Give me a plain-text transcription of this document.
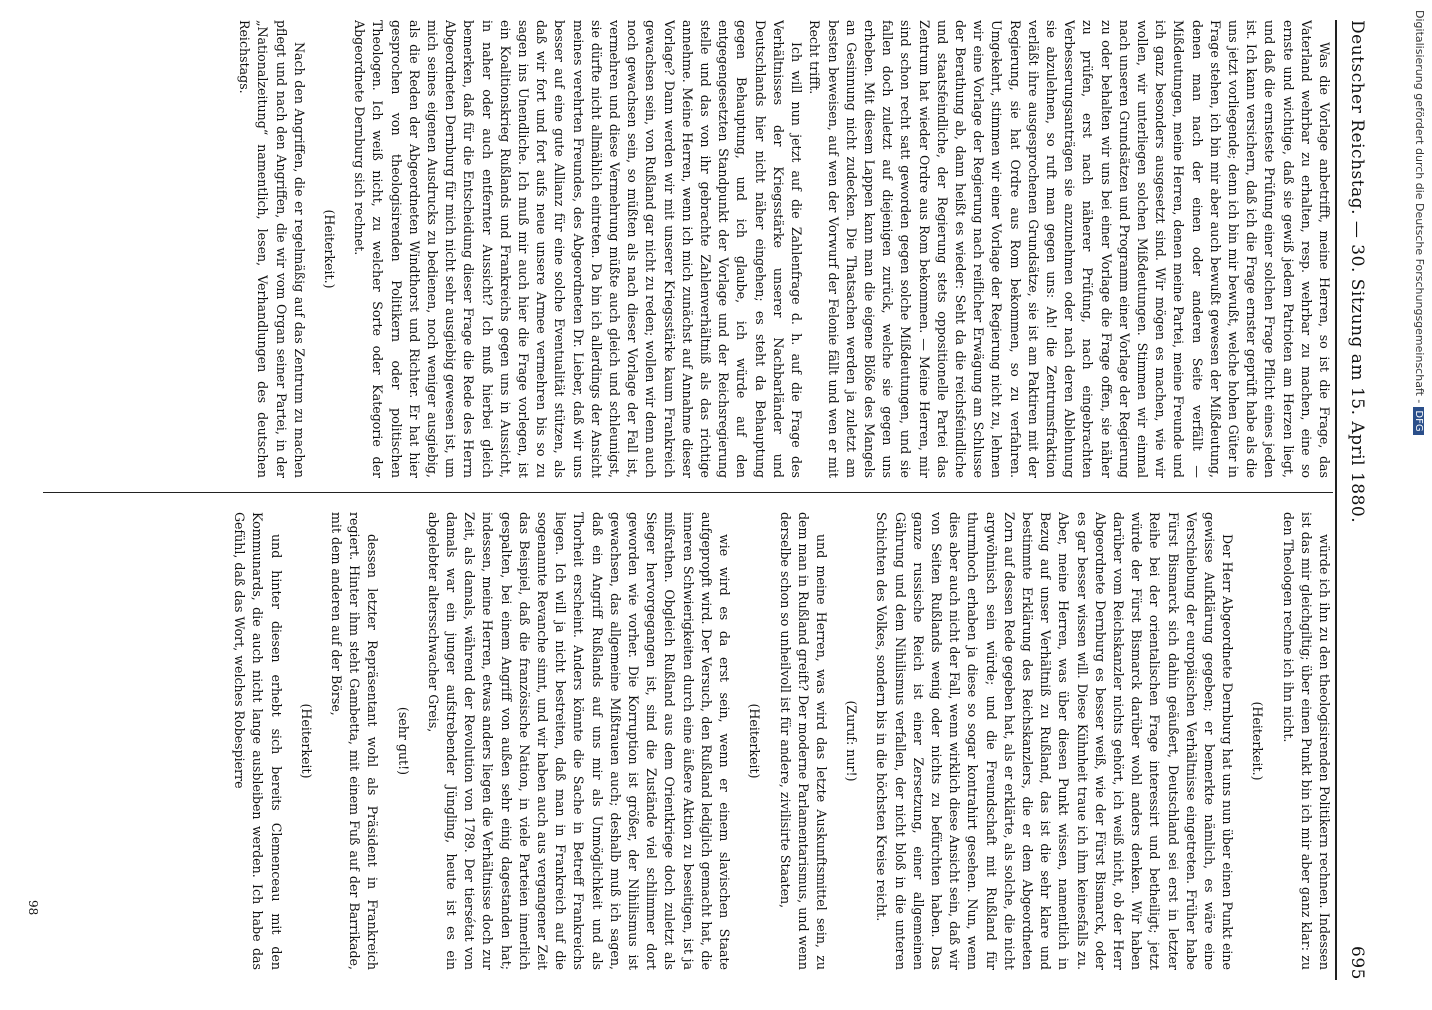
Deutscher Reichstag. — 30. Sitzung am 15. April 1880.
695

Was die Vorlage anbetrifft, meine Herren, so ist die Frage, das Vaterland wehrbar zu erhalten, resp. wehrbar zu machen, eine so ernste und wichtige, daß sie gewiß jedem Patrioten am Herzen liegt, und daß die ernsteste Prüfung einer solchen Frage Pflicht eines jeden ist. Ich kann versichern, daß ich die Frage ernster geprüft habe als die uns jetzt vorliegende; denn ich bin mir bewußt, welche hohen Güter in Frage stehen, ich bin mir aber auch bewußt gewesen der Mißdeutung, denen man nach der einen oder anderen Seite verfällt — Mißdeutungen, meine Herren, denen meine Partei, meine Freunde und ich ganz besonders ausgesetzt sind. Wir mögen es machen, wie wir wollen, wir unterliegen solchen Mißdeutungen. Stimmen wir einmal nach unseren Grundsätzen und Programm einer Vorlage der Regierung zu oder behalten wir uns bei einer Vorlage die Frage offen, sie näher zu prüfen, erst nach näherer Prüfung, nach eingebrachten Verbesserungsanträgen sie anzunehmen oder nach deren Ablehnung sie abzulehnen, so ruft man gegen uns: Ah! die Zentrumsfraktion verläßt ihre ausgesprochenen Grundsätze, sie ist am Paktiren mit der Regierung, sie hat Ordre aus Rom bekommen, so zu verfahren. Umgekehrt, stimmen wir einer Vorlage der Regierung nicht zu, lehnen wir eine Vorlage der Regierung nach reiflicher Erwägung am Schlusse der Berathung ab, dann heißt es wieder: Seht da die reichsfeindliche und staatsfeindliche, der Regierung stets oppositionelle Partei das Zentrum hat wieder Ordre aus Rom bekommen. — Meine Herren, mir sind schon recht satt geworden gegen solche Mißdeutungen, und sie fallen doch zuletzt auf diejenigen zurück, welche sie gegen uns erheben. Mit diesem Lappen kann man die eigene Blöße des Mangels an Gesinnung nicht zudecken. Die Thatsachen werden ja zuletzt am besten beweisen, auf wen der Vorwurf der Felonie fällt und wen er mit Recht trifft.

Ich will nun jetzt auf die Zahlenfrage d. h. auf die Frage des Verhältnisses der Kriegsstärke unserer Nachbarländer und Deutschlands hier nicht näher eingehen; es steht da Behauptung gegen Behauptung, und ich glaube, ich würde auf den entgegengesetzten Standpunkt der Vorlage und der Reichsregierung stelle und das von ihr gebrachte Zahlenverhältniß als das richtige annehme. Meine Herren, wenn ich mich zunächst auf Annahme dieser Vorlage? Dann werden wir mit unserer Kriegsstärke kaum Frankreich gewachsen sein, von Rußland gar nicht zu reden; wollen wir denn auch noch gewachsen sein, so müßten als nach dieser Vorlage der Fall ist, vermehren und diese Vermehrung müßte auch gleich und schleunigst, sie dürfte nicht allmählich eintreten. Da bin ich allerdings der Ansicht meines verehrten Freundes, des Abgeordneten Dr. Lieber, daß wir uns besser auf eine gute Allianz für eine solche Eventualität stützen, als daß wir fort und fort aufs neue unsere Armee vermehren bis so zu sagen ins Unendliche. Ich muß mir auch hier die Frage vorlegen, ist ein Koalitionskrieg Rußlands und Frankreichs gegen uns in Aussicht, in naher oder auch entfernter Aussicht? Ich muß hierbei gleich bemerken, daß für die Entscheidung dieser Frage die Rede des Herrn Abgeordneten Dernburg für mich nicht sehr ausgiebig gewesen ist, um mich seines eigenen Ausdrucks zu bedienen, noch weniger ausgiebig, als die Reden der Abgeordneten Windthorst und Richter. Er hat hier gesprochen von theologisirenden Politikern oder politischen Theologen. Ich weiß nicht, zu welcher Sorte oder Kategorie der Abgeordnete Dernburg sich rechnet.

(Heiterkeit.)

Nach den Angriffen, die er regelmäßig auf das Zentrum zu machen pflegt und nach den Angriffen, die wir vom Organ seiner Partei, in der „Nationalzeitung“ namentlich, lesen, Verhandlungen des deutschen Reichstags.

würde ich ihn zu den theologisirenden Politikern rechnen. Indessen ist das mir gleichgiltig; über einen Punkt bin ich mir aber ganz klar: zu den Theologen rechne ich ihn nicht.

(Heiterkeit.)

Der Herr Abgeordnete Dernburg hat uns nun über einen Punkt eine gewisse Aufklärung gegeben; er bemerkte nämlich, es wäre eine Verschiebung der europäischen Verhältnisse eingetreten. Früher habe Fürst Bismarck sich dahin geäußert, Deutschland sei erst in letzter Reihe bei der orientalischen Frage interessirt und betheiligt; jetzt würde der Fürst Bismarck darüber wohl anders denken. Wir haben darüber vom Reichskanzler nichts gehört, ich weiß nicht, ob der Herr Abgeordnete Dernburg es besser weiß, wie der Fürst Bismarck, oder es gar besser wissen will. Diese Kühnheit traue ich ihm keinesfalls zu. Aber, meine Herren, was über diesen Punkt wissen, namentlich in Bezug auf unser Verhältniß zu Rußland, das ist die sehr klare und bestimmte Erklärung des Reichskanzlers, die er dem Abgeordneten Zorn auf dessen Rede gegeben hat, als er erklärte, als solche, die nicht argwöhnisch sein würde; und die Freundschaft mit Rußland für thurmhoch erhaben ja diese so sogar kontrahirt gesehen. Nun, wenn dies aber auch nicht der Fall, wenn wirklich diese Ansicht sein, daß wir von Seiten Rußlands wenig oder nichts zu befürchten haben. Das ganze russische Reich ist einer Zersetzung, einer allgemeinen Gährung und dem Nihilismus verfallen, der nicht bloß in die unteren Schichten des Volkes, sondern bis in die höchsten Kreise reicht.

(Zuruf: nur!)

und meine Herren, was wird das letzte Auskunftsmittel sein, zu dem man in Rußland greift? Der moderne Parlamentarismus, und wenn derselbe schon so unheilvoll ist für andere, zivilisirte Staaten,

(Heiterkeit)

wie wird es da erst sein, wenn er einem slavischen Staate aufgepropft wird. Der Versuch, den Rußland lediglich gemacht hat, die inneren Schwierigkeiten durch eine äußere Aktion zu beseitigen, ist ja mißrathen. Obgleich Rußland aus dem Orientkriege doch zuletzt als Sieger hervorgegangen ist, sind die Zustände viel schlimmer dort geworden wie vorher. Die Korruption ist größer, der Nihilismus ist gewachsen, das allgemeine Mißtrauen auch; deshalb muß ich sagen, daß ein Angriff Rußlands auf uns mir als Unmöglichkeit und als Thorheit erscheint. Anders könnte die Sache in Betreff Frankreichs liegen. Ich will ja nicht bestreiten, daß man in Frankreich auf die sogenannte Revanche sinnt, und wir haben auch aus vergangener Zeit das Beispiel, daß die französische Nation, in viele Parteien innerlich gespalten, bei einem Angriff von außen sehr einig dagestanden hat; indessen, meine Herren, etwas anders liegen die Verhältnisse doch zur Zeit, als damals, während der Revolution von 1789. Der tiersétat von damals war ein junger aufstrebender Jüngling, heute ist es ein abgelebter altersschwacher Greis,

(sehr gut!)

dessen letzter Repräsentant wohl als Präsident in Frankreich regiert. Hinter ihm steht Gambetta, mit einem Fuß auf der Barrikade, mit dem anderen auf der Börse,

(Heiterkeit)

und hinter diesen erhebt sich bereits Clemenceau mit den Kommunards, die auch nicht lange ausbleiben werden. Ich habe das Gefühl, daß das Wort, welches Robespierre

98
Digitalisierung gefördert durch die Deutsche Forschungsgemeinschaft -DFG
